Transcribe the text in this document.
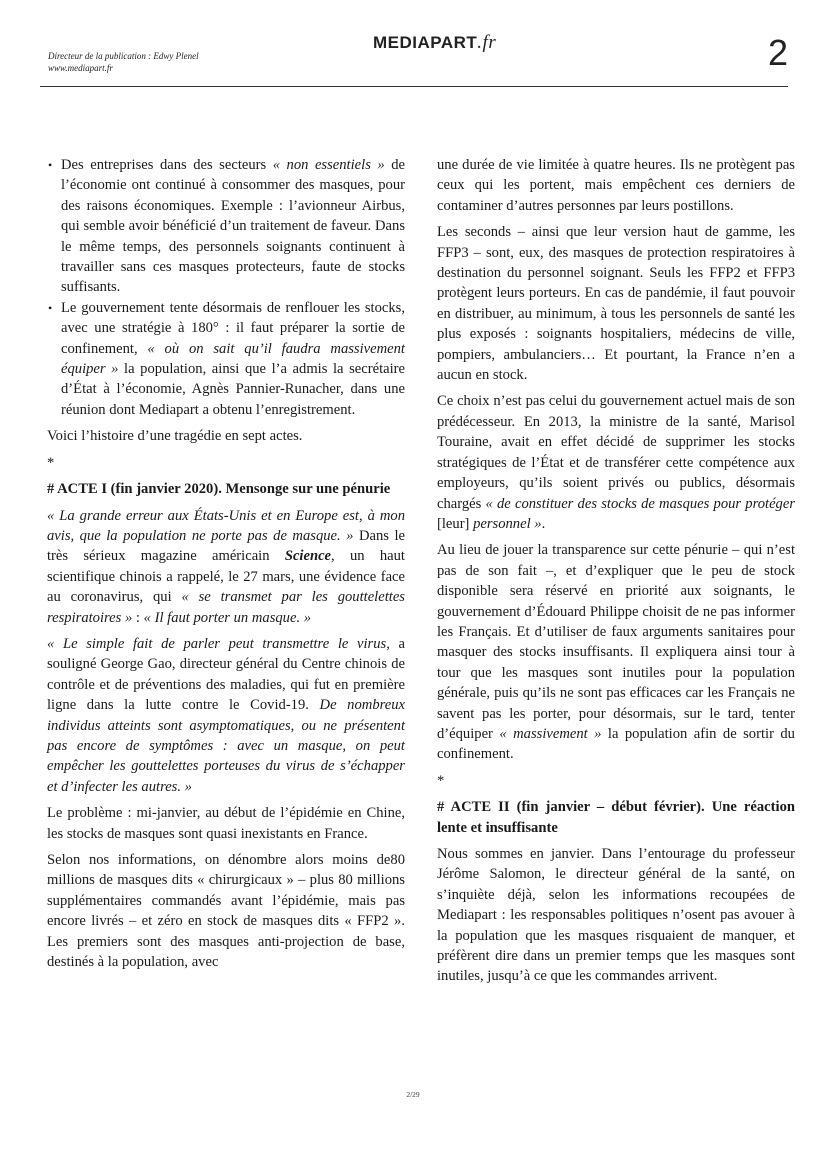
Directeur de la publication : Edwy Plenel
www.mediapart.fr
MEDIAPART.fr	2
• Des entreprises dans des secteurs « non essentiels » de l’économie ont continué à consommer des masques, pour des raisons économiques. Exemple : l’avionneur Airbus, qui semble avoir bénéficié d’un traitement de faveur. Dans le même temps, des personnels soignants continuent à travailler sans ces masques protecteurs, faute de stocks suffisants.
• Le gouvernement tente désormais de renflouer les stocks, avec une stratégie à 180° : il faut préparer la sortie de confinement, « où on sait qu’il faudra massivement équiper » la population, ainsi que l’a admis la secrétaire d’État à l’économie, Agnès Pannier-Runacher, dans une réunion dont Mediapart a obtenu l’enregistrement.

Voici l’histoire d’une tragédie en sept actes.

*

# ACTE I (fin janvier 2020). Mensonge sur une pénurie

« La grande erreur aux États-Unis et en Europe est, à mon avis, que la population ne porte pas de masque. » Dans le très sérieux magazine américain Science, un haut scientifique chinois a rappelé, le 27 mars, une évidence face au coronavirus, qui « se transmet par les gouttelettes respiratoires » : « Il faut porter un masque. »

« Le simple fait de parler peut transmettre le virus, a souligné George Gao, directeur général du Centre chinois de contrôle et de préventions des maladies, qui fut en première ligne dans la lutte contre le Covid-19. De nombreux individus atteints sont asymptomatiques, ou ne présentent pas encore de symptômes : avec un masque, on peut empêcher les gouttelettes porteuses du virus de s’échapper et d’infecter les autres. »

Le problème : mi-janvier, au début de l’épidémie en Chine, les stocks de masques sont quasi inexistants en France.

Selon nos informations, on dénombre alors moins de80 millions de masques dits « chirurgicaux » – plus 80 millions supplémentaires commandés avant l’épidémie, mais pas encore livrés – et zéro en stock de masques dits « FFP2 ». Les premiers sont des masques anti-projection de base, destinés à la population, avec

une durée de vie limitée à quatre heures. Ils ne protègent pas ceux qui les portent, mais empêchent ces derniers de contaminer d’autres personnes par leurs postillons.

Les seconds – ainsi que leur version haut de gamme, les FFP3 – sont, eux, des masques de protection respiratoires à destination du personnel soignant. Seuls les FFP2 et FFP3 protègent leurs porteurs. En cas de pandémie, il faut pouvoir en distribuer, au minimum, à tous les personnels de santé les plus exposés : soignants hospitaliers, médecins de ville, pompiers, ambulanciers… Et pourtant, la France n’en a aucun en stock.

Ce choix n’est pas celui du gouvernement actuel mais de son prédécesseur. En 2013, la ministre de la santé, Marisol Touraine, avait en effet décidé de supprimer les stocks stratégiques de l’État et de transférer cette compétence aux employeurs, qu’ils soient privés ou publics, désormais chargés « de constituer des stocks de masques pour protéger [leur] personnel ».

Au lieu de jouer la transparence sur cette pénurie – qui n’est pas de son fait –, et d’expliquer que le peu de stock disponible sera réservé en priorité aux soignants, le gouvernement d’Édouard Philippe choisit de ne pas informer les Français. Et d’utiliser de faux arguments sanitaires pour masquer des stocks insuffisants. Il expliquera ainsi tour à tour que les masques sont inutiles pour la population générale, puis qu’ils ne sont pas efficaces car les Français ne savent pas les porter, pour désormais, sur le tard, tenter d’équiper « massivement » la population afin de sortir du confinement.

*

# ACTE II (fin janvier – début février). Une réaction lente et insuffisante

Nous sommes en janvier. Dans l’entourage du professeur Jérôme Salomon, le directeur général de la santé, on s’inquiète déjà, selon les informations recoupées de Mediapart : les responsables politiques n’osent pas avouer à la population que les masques risquaient de manquer, et préfèrent dire dans un premier temps que les masques sont inutiles, jusqu’à ce que les commandes arrivent.

2/29
